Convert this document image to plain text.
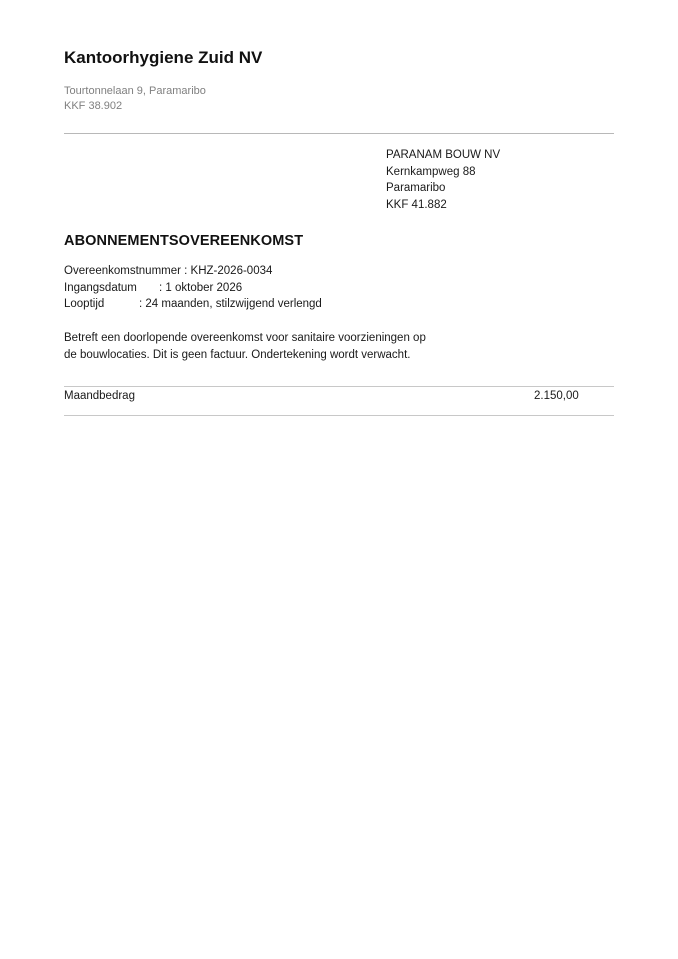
Kantoorhygiene Zuid NV
Tourtonnelaan 9, Paramaribo
KKF 38.902
PARANAM BOUW NV
Kernkampweg 88
Paramaribo
KKF 41.882
ABONNEMENTSOVEREENKOMST
Overeenkomstnummer : KHZ-2026-0034
Ingangsdatum : 1 oktober 2026
Looptijd	: 24 maanden, stilzwijgend verlengd
Betreft een doorlopende overeenkomst voor sanitaire voorzieningen op
de bouwlocaties. Dit is geen factuur. Ondertekening wordt verwacht.
Maandbedrag	2.150,00
